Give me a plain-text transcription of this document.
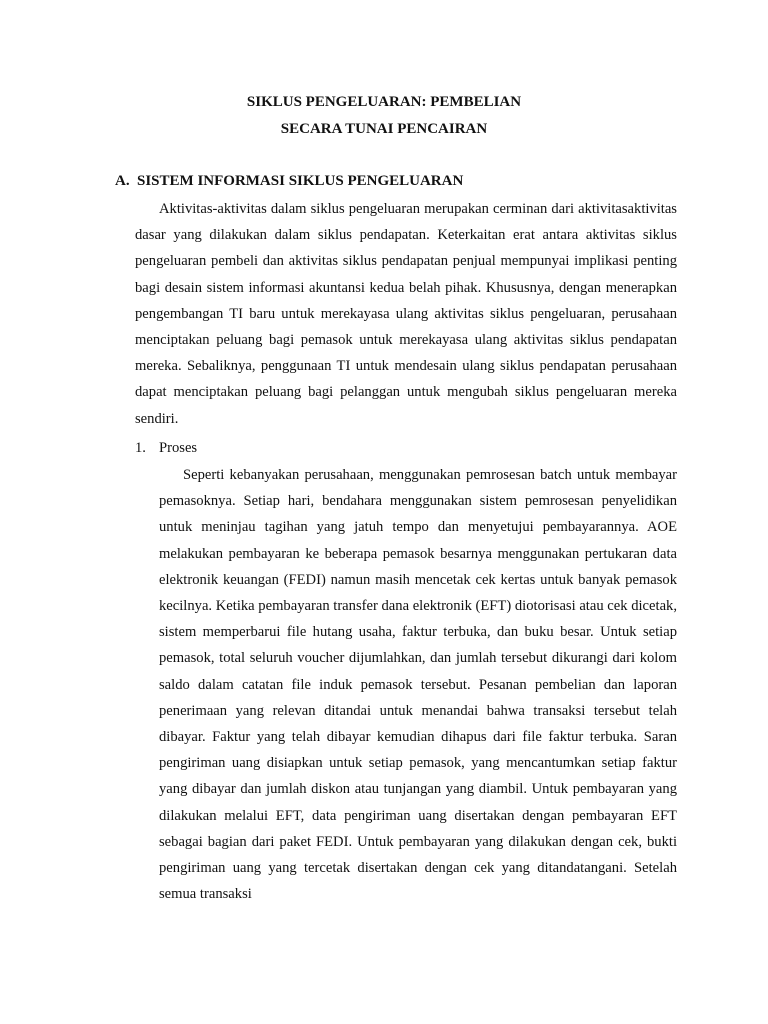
SIKLUS PENGELUARAN: PEMBELIAN
SECARA TUNAI PENCAIRAN
A. SISTEM INFORMASI SIKLUS PENGELUARAN

Aktivitas-aktivitas dalam siklus pengeluaran merupakan cerminan dari aktivitasaktivitas dasar yang dilakukan dalam siklus pendapatan. Keterkaitan erat antara aktivitas siklus pengeluaran pembeli dan aktivitas siklus pendapatan penjual mempunyai implikasi penting bagi desain sistem informasi akuntansi kedua belah pihak. Khususnya, dengan menerapkan pengembangan TI baru untuk merekayasa ulang aktivitas siklus pengeluaran, perusahaan menciptakan peluang bagi pemasok untuk merekayasa ulang aktivitas siklus pendapatan mereka. Sebaliknya, penggunaan TI untuk mendesain ulang siklus pendapatan perusahaan dapat menciptakan peluang bagi pelanggan untuk mengubah siklus pengeluaran mereka sendiri.

1. Proses

Seperti kebanyakan perusahaan, menggunakan pemrosesan batch untuk membayar pemasoknya. Setiap hari, bendahara menggunakan sistem pemrosesan penyelidikan untuk meninjau tagihan yang jatuh tempo dan menyetujui pembayarannya. AOE melakukan pembayaran ke beberapa pemasok besarnya menggunakan pertukaran data elektronik keuangan (FEDI) namun masih mencetak cek kertas untuk banyak pemasok kecilnya. Ketika pembayaran transfer dana elektronik (EFT) diotorisasi atau cek dicetak, sistem memperbarui file hutang usaha, faktur terbuka, dan buku besar. Untuk setiap pemasok, total seluruh voucher dijumlahkan, dan jumlah tersebut dikurangi dari kolom saldo dalam catatan file induk pemasok tersebut. Pesanan pembelian dan laporan penerimaan yang relevan ditandai untuk menandai bahwa transaksi tersebut telah dibayar. Faktur yang telah dibayar kemudian dihapus dari file faktur terbuka. Saran pengiriman uang disiapkan untuk setiap pemasok, yang mencantumkan setiap faktur yang dibayar dan jumlah diskon atau tunjangan yang diambil. Untuk pembayaran yang dilakukan melalui EFT, data pengiriman uang disertakan dengan pembayaran EFT sebagai bagian dari paket FEDI. Untuk pembayaran yang dilakukan dengan cek, bukti pengiriman uang yang tercetak disertakan dengan cek yang ditandatangani. Setelah semua transaksi
